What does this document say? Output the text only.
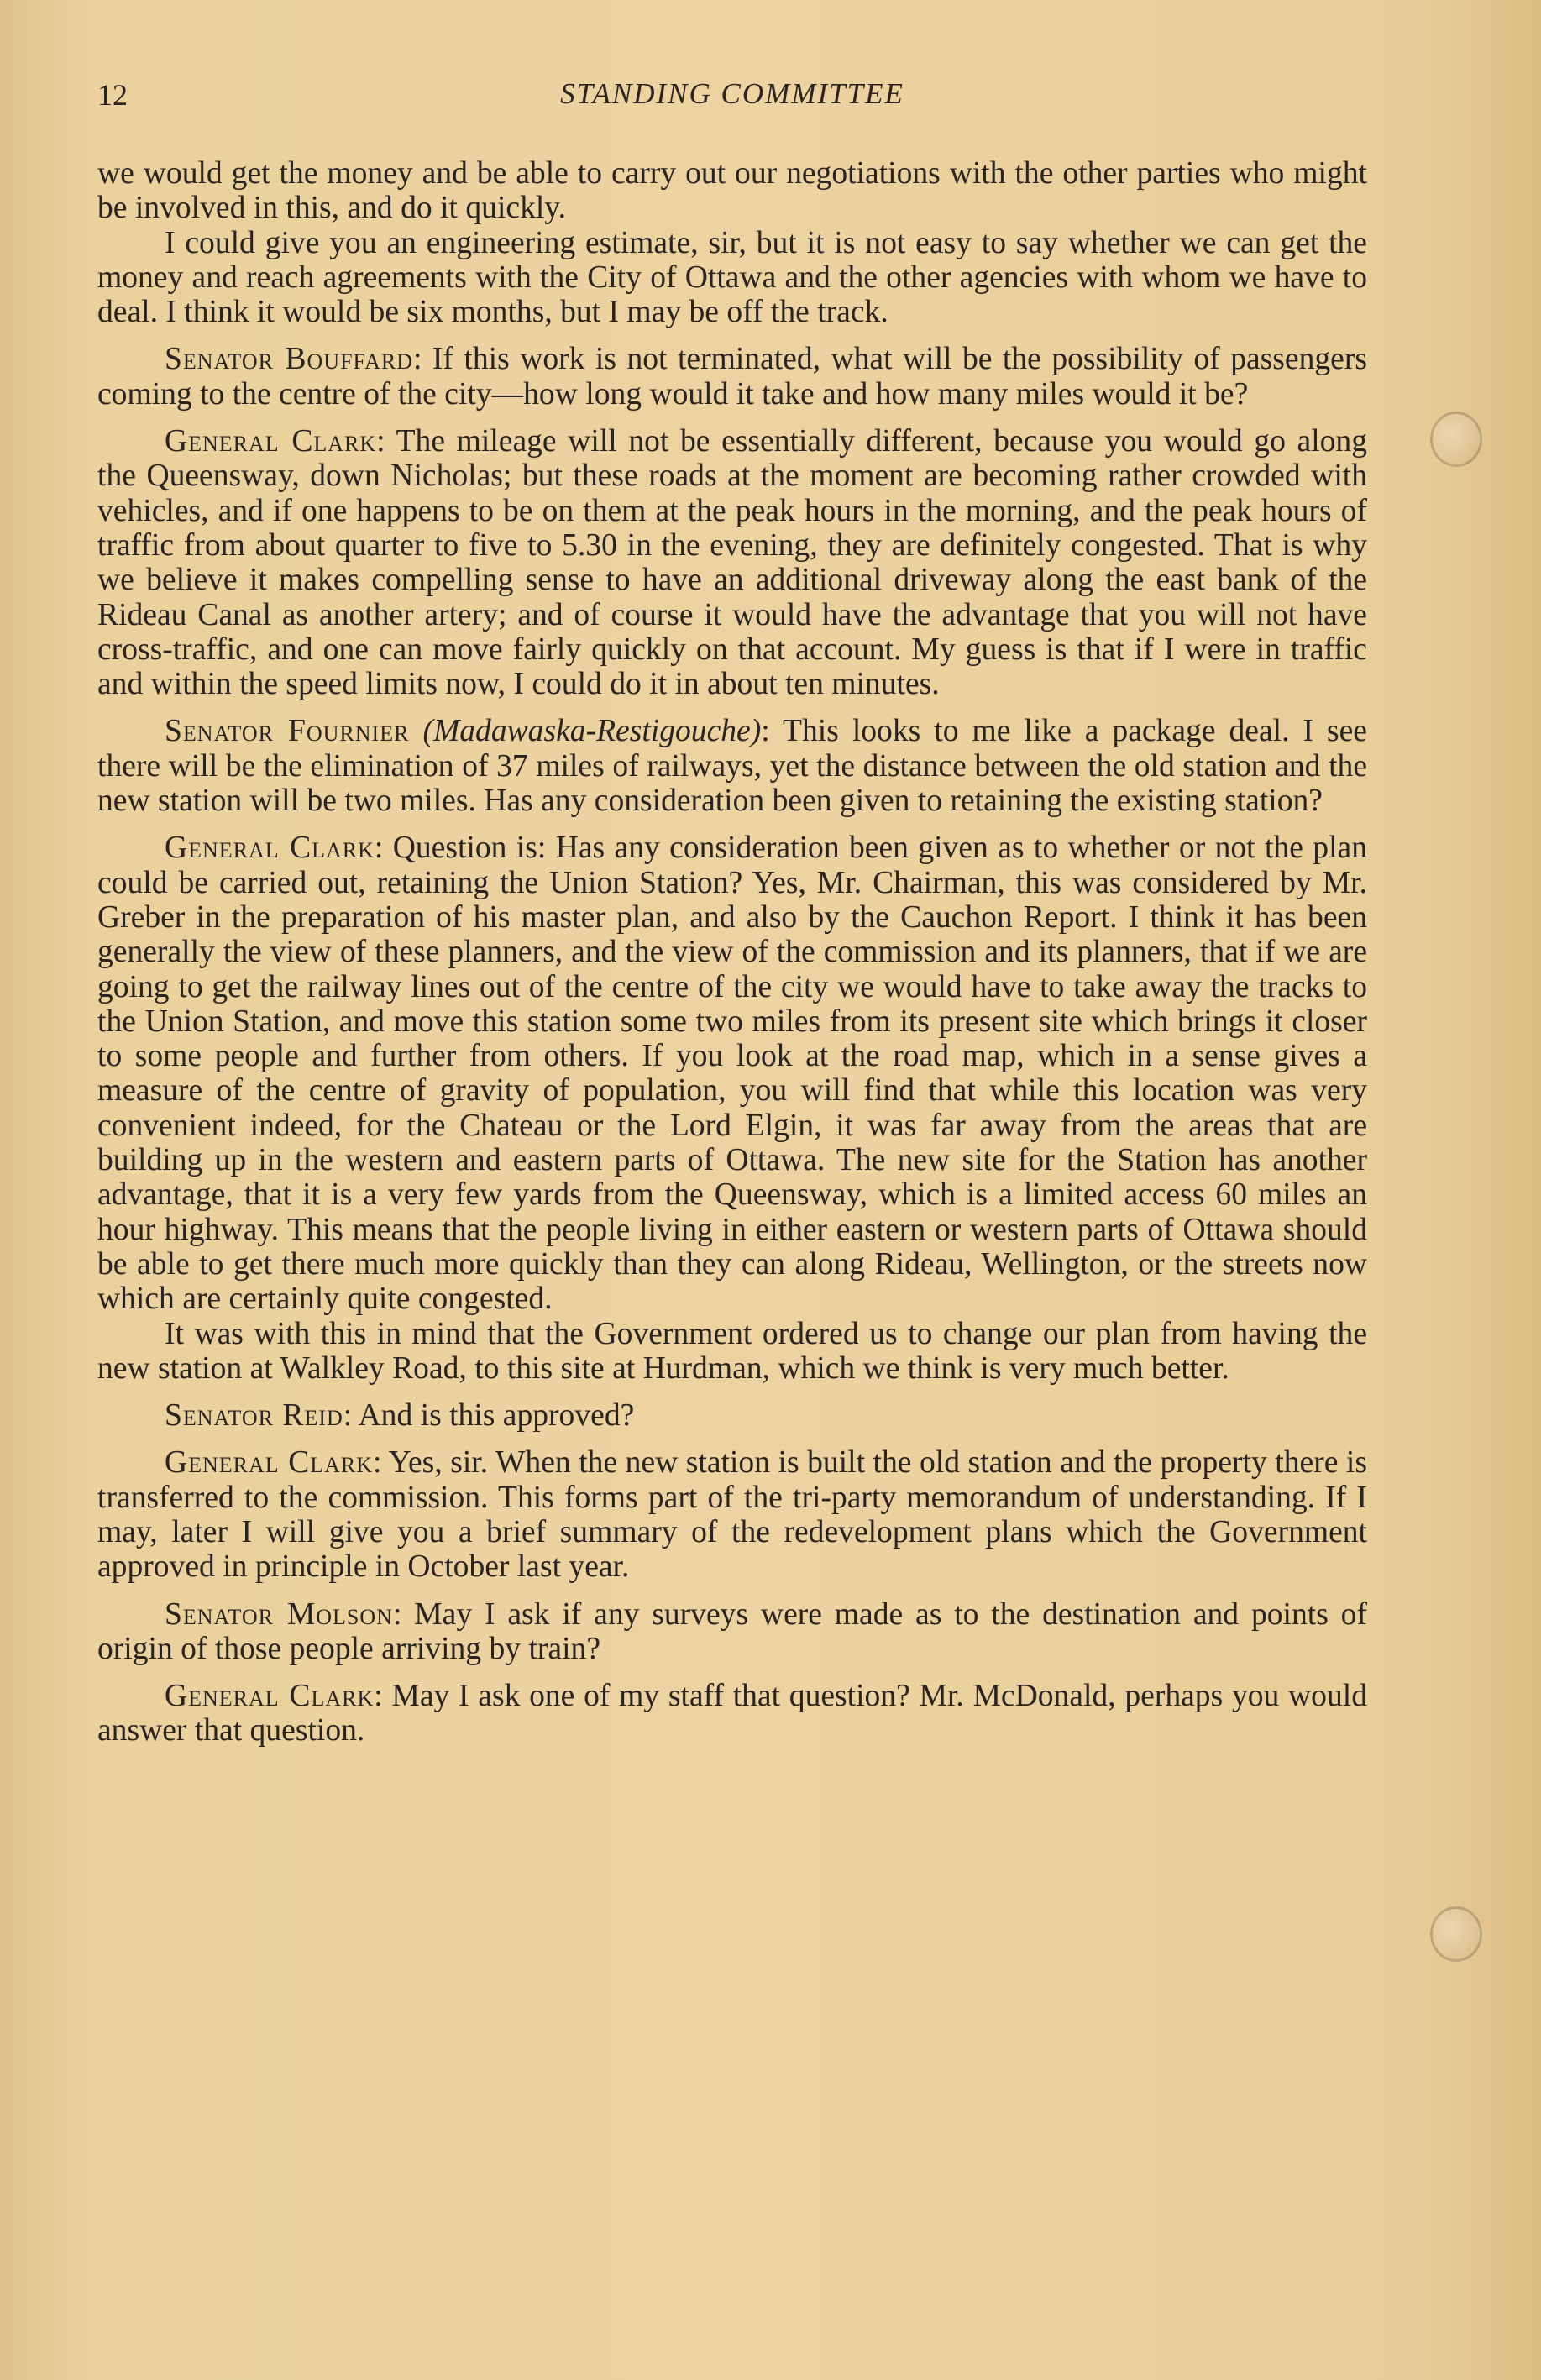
12	STANDING COMMITTEE

we would get the money and be able to carry out our negotiations with the other parties who might be involved in this, and do it quickly.

I could give you an engineering estimate, sir, but it is not easy to say whether we can get the money and reach agreements with the City of Ottawa and the other agencies with whom we have to deal. I think it would be six months, but I may be off the track.

Senator Bouffard: If this work is not terminated, what will be the possibility of passengers coming to the centre of the city—how long would it take and how many miles would it be?

General Clark: The mileage will not be essentially different, because you would go along the Queensway, down Nicholas; but these roads at the moment are becoming rather crowded with vehicles, and if one happens to be on them at the peak hours in the morning, and the peak hours of traffic from about quarter to five to 5.30 in the evening, they are definitely congested. That is why we believe it makes compelling sense to have an additional driveway along the east bank of the Rideau Canal as another artery; and of course it would have the advantage that you will not have cross-traffic, and one can move fairly quickly on that account. My guess is that if I were in traffic and within the speed limits now, I could do it in about ten minutes.

Senator Fournier (Madawaska-Restigouche): This looks to me like a package deal. I see there will be the elimination of 37 miles of railways, yet the distance between the old station and the new station will be two miles. Has any consideration been given to retaining the existing station?

General Clark: Question is: Has any consideration been given as to whether or not the plan could be carried out, retaining the Union Station? Yes, Mr. Chairman, this was considered by Mr. Greber in the preparation of his master plan, and also by the Cauchon Report. I think it has been generally the view of these planners, and the view of the commission and its planners, that if we are going to get the railway lines out of the centre of the city we would have to take away the tracks to the Union Station, and move this station some two miles from its present site which brings it closer to some people and further from others. If you look at the road map, which in a sense gives a measure of the centre of gravity of population, you will find that while this location was very convenient indeed, for the Chateau or the Lord Elgin, it was far away from the areas that are building up in the western and eastern parts of Ottawa. The new site for the Station has another advantage, that it is a very few yards from the Queensway, which is a limited access 60 miles an hour highway. This means that the people living in either eastern or western parts of Ottawa should be able to get there much more quickly than they can along Rideau, Wellington, or the streets now which are certainly quite congested.

It was with this in mind that the Government ordered us to change our plan from having the new station at Walkley Road, to this site at Hurdman, which we think is very much better.

Senator Reid: And is this approved?

General Clark: Yes, sir. When the new station is built the old station and the property there is transferred to the commission. This forms part of the tri-party memorandum of understanding. If I may, later I will give you a brief summary of the redevelopment plans which the Government approved in principle in October last year.

Senator Molson: May I ask if any surveys were made as to the destination and points of origin of those people arriving by train?

General Clark: May I ask one of my staff that question? Mr. McDonald, perhaps you would answer that question.
